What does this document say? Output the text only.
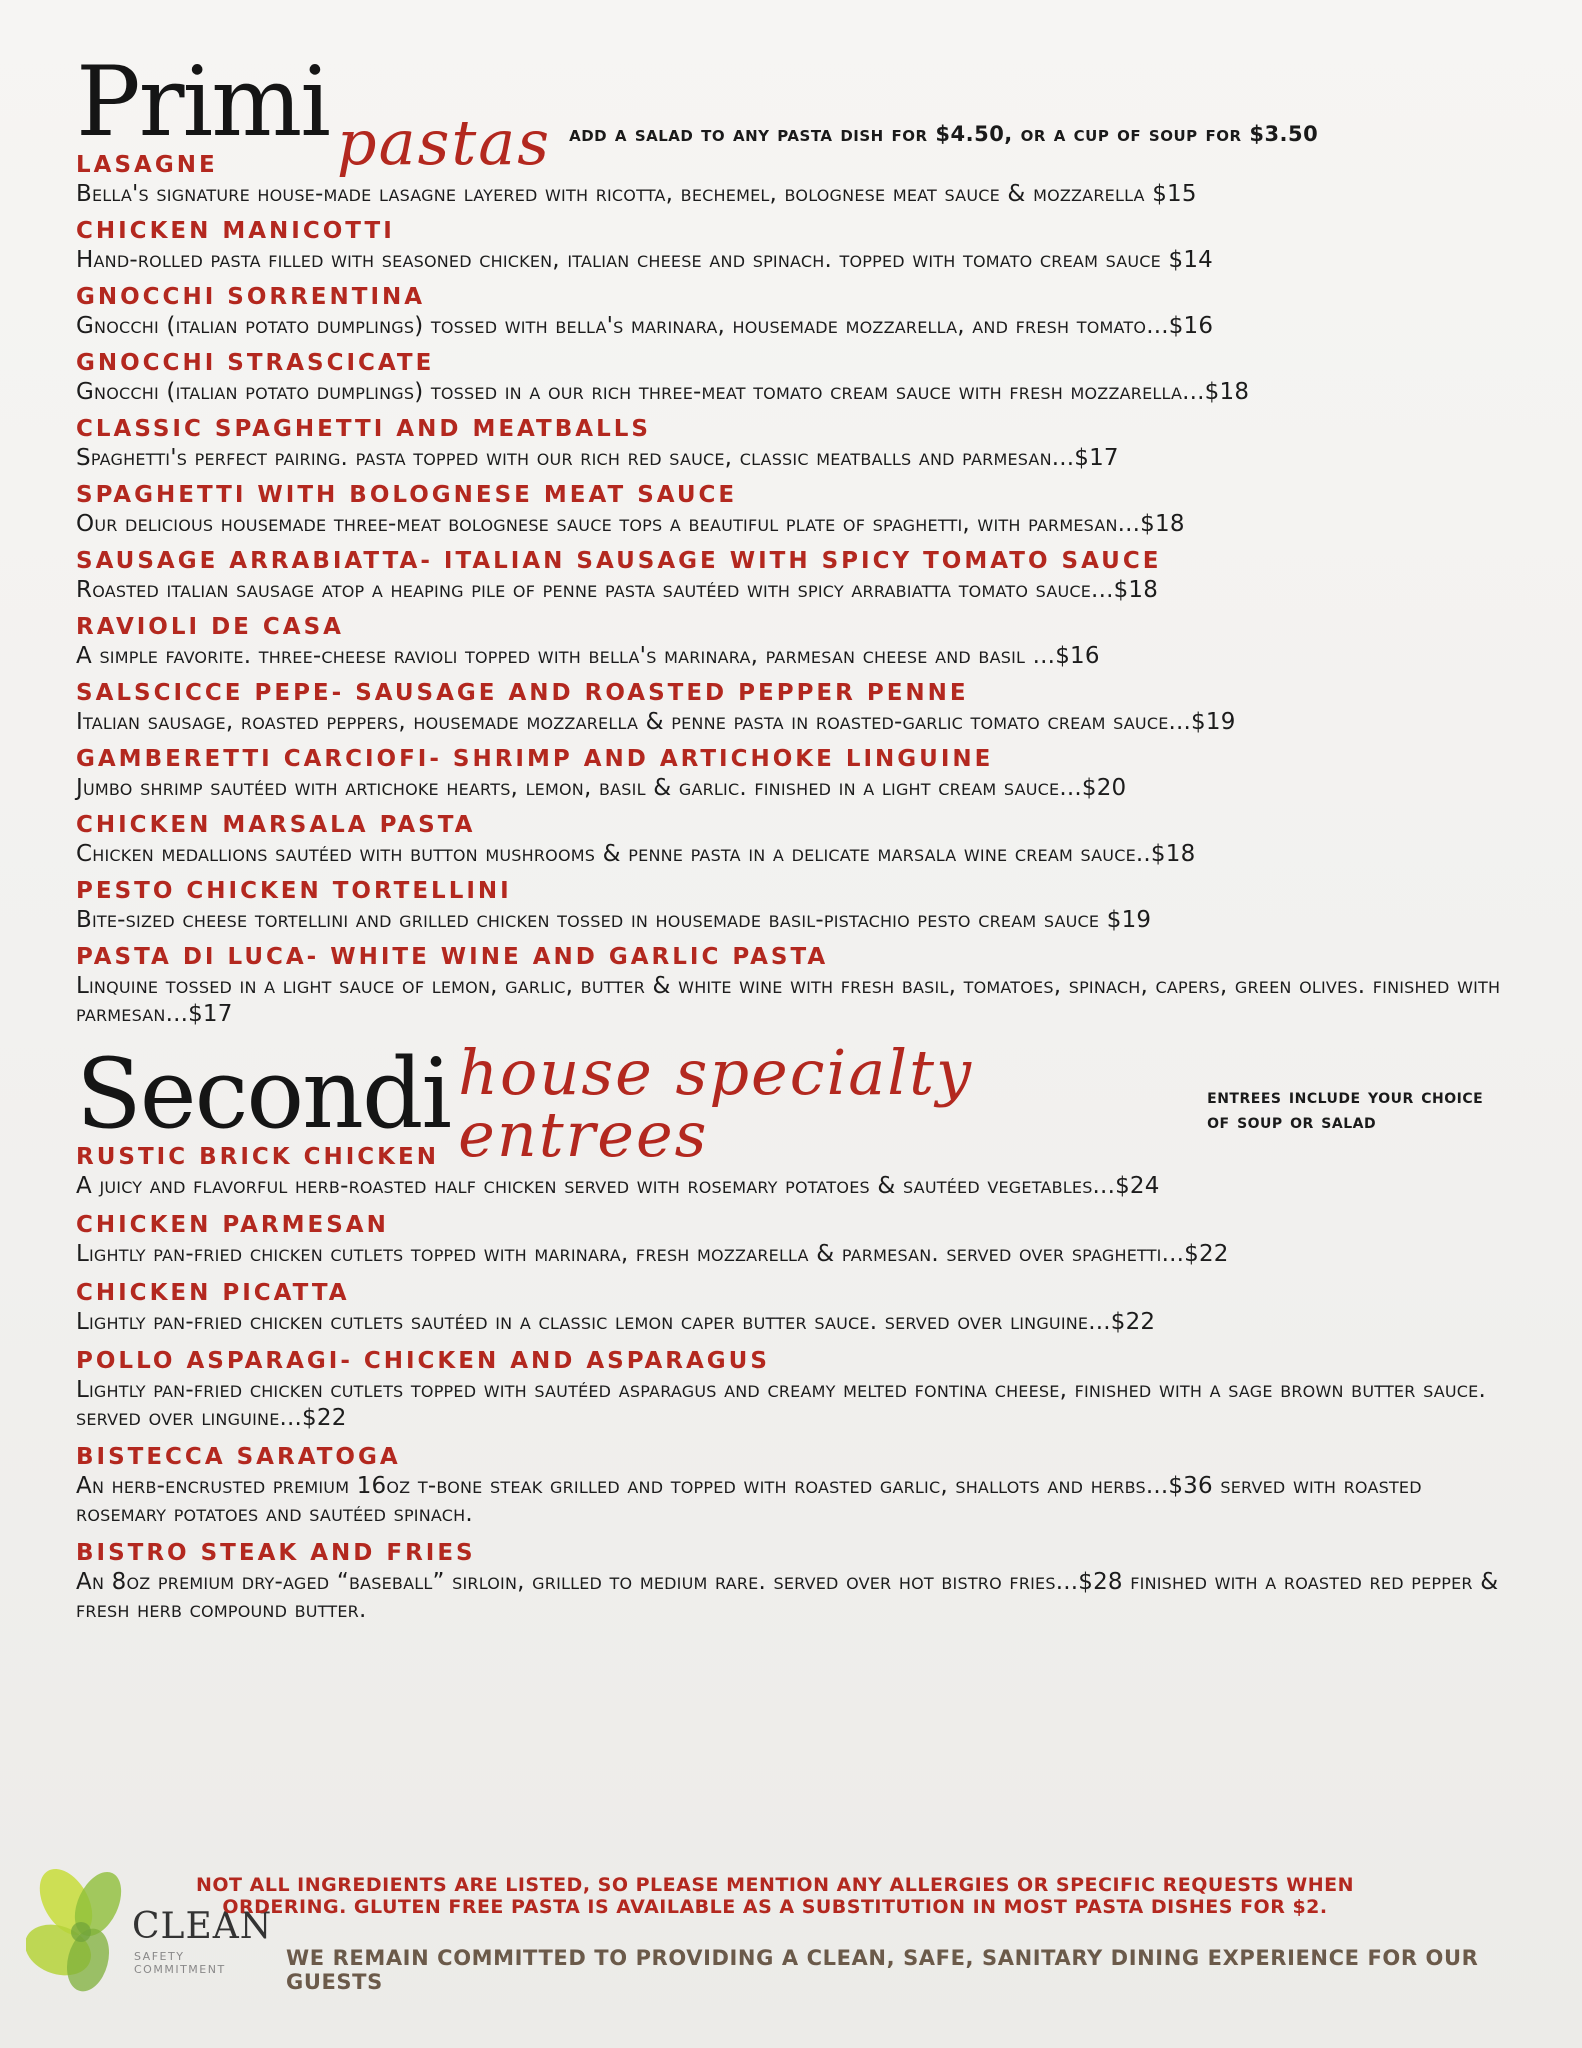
Primi pastas add a salad to any pasta dish for $4.50, or a cup of soup for $3.50
LASAGNE
Bella's signature house-made lasagne layered with ricotta, bechemel, bolognese meat sauce & mozzarella $15
CHICKEN MANICOTTI
Hand-rolled pasta filled with seasoned chicken, italian cheese and spinach. topped with tomato cream sauce $14
GNOCCHI SORRENTINA
Gnocchi (italian potato dumplings) tossed with bella's marinara, housemade mozzarella, and fresh tomato...$16
GNOCCHI STRASCICATE
Gnocchi (italian potato dumplings) tossed in a our rich three-meat tomato cream sauce with fresh mozzarella...$18
CLASSIC SPAGHETTI AND MEATBALLS
Spaghetti's perfect pairing. pasta topped with our rich red sauce, classic meatballs and parmesan...$17
SPAGHETTI WITH BOLOGNESE MEAT SAUCE
Our delicious housemade three-meat bolognese sauce tops a beautiful plate of spaghetti, with parmesan...$18
SAUSAGE ARRABIATTA- ITALIAN SAUSAGE WITH SPICY TOMATO SAUCE
Roasted italian sausage atop a heaping pile of penne pasta sautéed with spicy arrabiatta tomato sauce...$18
RAVIOLI DE CASA
A simple favorite. three-cheese ravioli topped with bella's marinara, parmesan cheese and basil ...$16
SALSCICCE PEPE- SAUSAGE AND ROASTED PEPPER PENNE
Italian sausage, roasted peppers, housemade mozzarella & penne pasta in roasted-garlic tomato cream sauce...$19
GAMBERETTI CARCIOFI- SHRIMP AND ARTICHOKE LINGUINE
Jumbo shrimp sautéed with artichoke hearts, lemon, basil & garlic. finished in a light cream sauce...$20
CHICKEN MARSALA PASTA
Chicken medallions sautéed with button mushrooms & penne pasta in a delicate marsala wine cream sauce..$18
PESTO CHICKEN TORTELLINI
Bite-sized cheese tortellini and grilled chicken tossed in housemade basil-pistachio pesto cream sauce $19
PASTA DI LUCA- WHITE WINE AND GARLIC PASTA
Linquine tossed in a light sauce of lemon, garlic, butter & white wine with fresh basil, tomatoes, spinach, capers, green olives. finished with parmesan...$17
Secondi house specialty entrees
entrees include your choice of soup or salad
RUSTIC BRICK CHICKEN
A juicy and flavorful herb-roasted half chicken served with rosemary potatoes & sautéed vegetables...$24
CHICKEN PARMESAN
Lightly pan-fried chicken cutlets topped with marinara, fresh mozzarella & parmesan. served over spaghetti...$22
CHICKEN PICATTA
Lightly pan-fried chicken cutlets sautéed in a classic lemon caper butter sauce. served over linguine...$22
POLLO ASPARAGI- CHICKEN AND ASPARAGUS
Lightly pan-fried chicken cutlets topped with sautéed asparagus and creamy melted fontina cheese, finished with a sage brown butter sauce. served over linguine...$22
BISTECCA SARATOGA
An herb-encrusted premium 16oz t-bone steak grilled and topped with roasted garlic, shallots and herbs...$36 served with roasted rosemary potatoes and sautéed spinach.
BISTRO STEAK AND FRIES
An 8oz premium dry-aged “baseball” sirloin, grilled to medium rare. served over hot bistro fries...$28 finished with a roasted red pepper & fresh herb compound butter.
CLEAN
SAFETY COMMITMENT
NOT ALL INGREDIENTS ARE LISTED, SO PLEASE MENTION ANY ALLERGIES OR SPECIFIC REQUESTS WHEN ORDERING. GLUTEN FREE PASTA IS AVAILABLE AS A SUBSTITUTION IN MOST PASTA DISHES FOR $2.
WE REMAIN COMMITTED TO PROVIDING A CLEAN, SAFE, SANITARY DINING EXPERIENCE FOR OUR GUESTS
